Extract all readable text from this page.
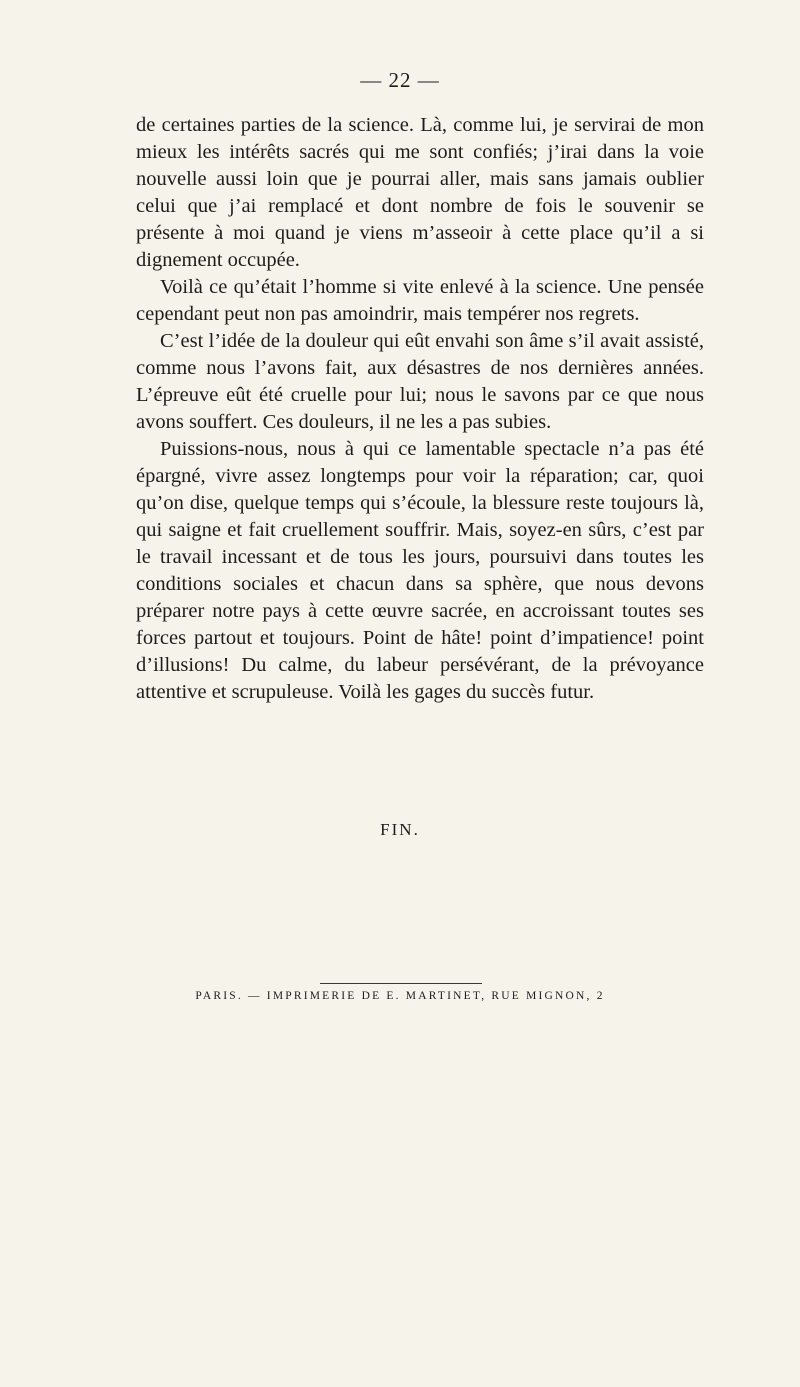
— 22 —

de certaines parties de la science. Là, comme lui, je servirai de mon mieux les intérêts sacrés qui me sont confiés; j’irai dans la voie nouvelle aussi loin que je pourrai aller, mais sans jamais oublier celui que j’ai remplacé et dont nombre de fois le souvenir se présente à moi quand je viens m’asseoir à cette place qu’il a si dignement occupée.

Voilà ce qu’était l’homme si vite enlevé à la science. Une pensée cependant peut non pas amoindrir, mais tempérer nos regrets.

C’est l’idée de la douleur qui eût envahi son âme s’il avait assisté, comme nous l’avons fait, aux désastres de nos dernières années. L’épreuve eût été cruelle pour lui; nous le savons par ce que nous avons souffert. Ces douleurs, il ne les a pas subies.

Puissions-nous, nous à qui ce lamentable spectacle n’a pas été épargné, vivre assez longtemps pour voir la réparation; car, quoi qu’on dise, quelque temps qui s’écoule, la blessure reste toujours là, qui saigne et fait cruellement souffrir. Mais, soyez-en sûrs, c’est par le travail incessant et de tous les jours, poursuivi dans toutes les conditions sociales et chacun dans sa sphère, que nous devons préparer notre pays à cette œuvre sacrée, en accroissant toutes ses forces partout et toujours. Point de hâte! point d’impatience! point d’illusions! Du calme, du labeur persévérant, de la prévoyance attentive et scrupuleuse. Voilà les gages du succès futur.

FIN.
PARIS. — IMPRIMERIE DE E. MARTINET, RUE MIGNON, 2
